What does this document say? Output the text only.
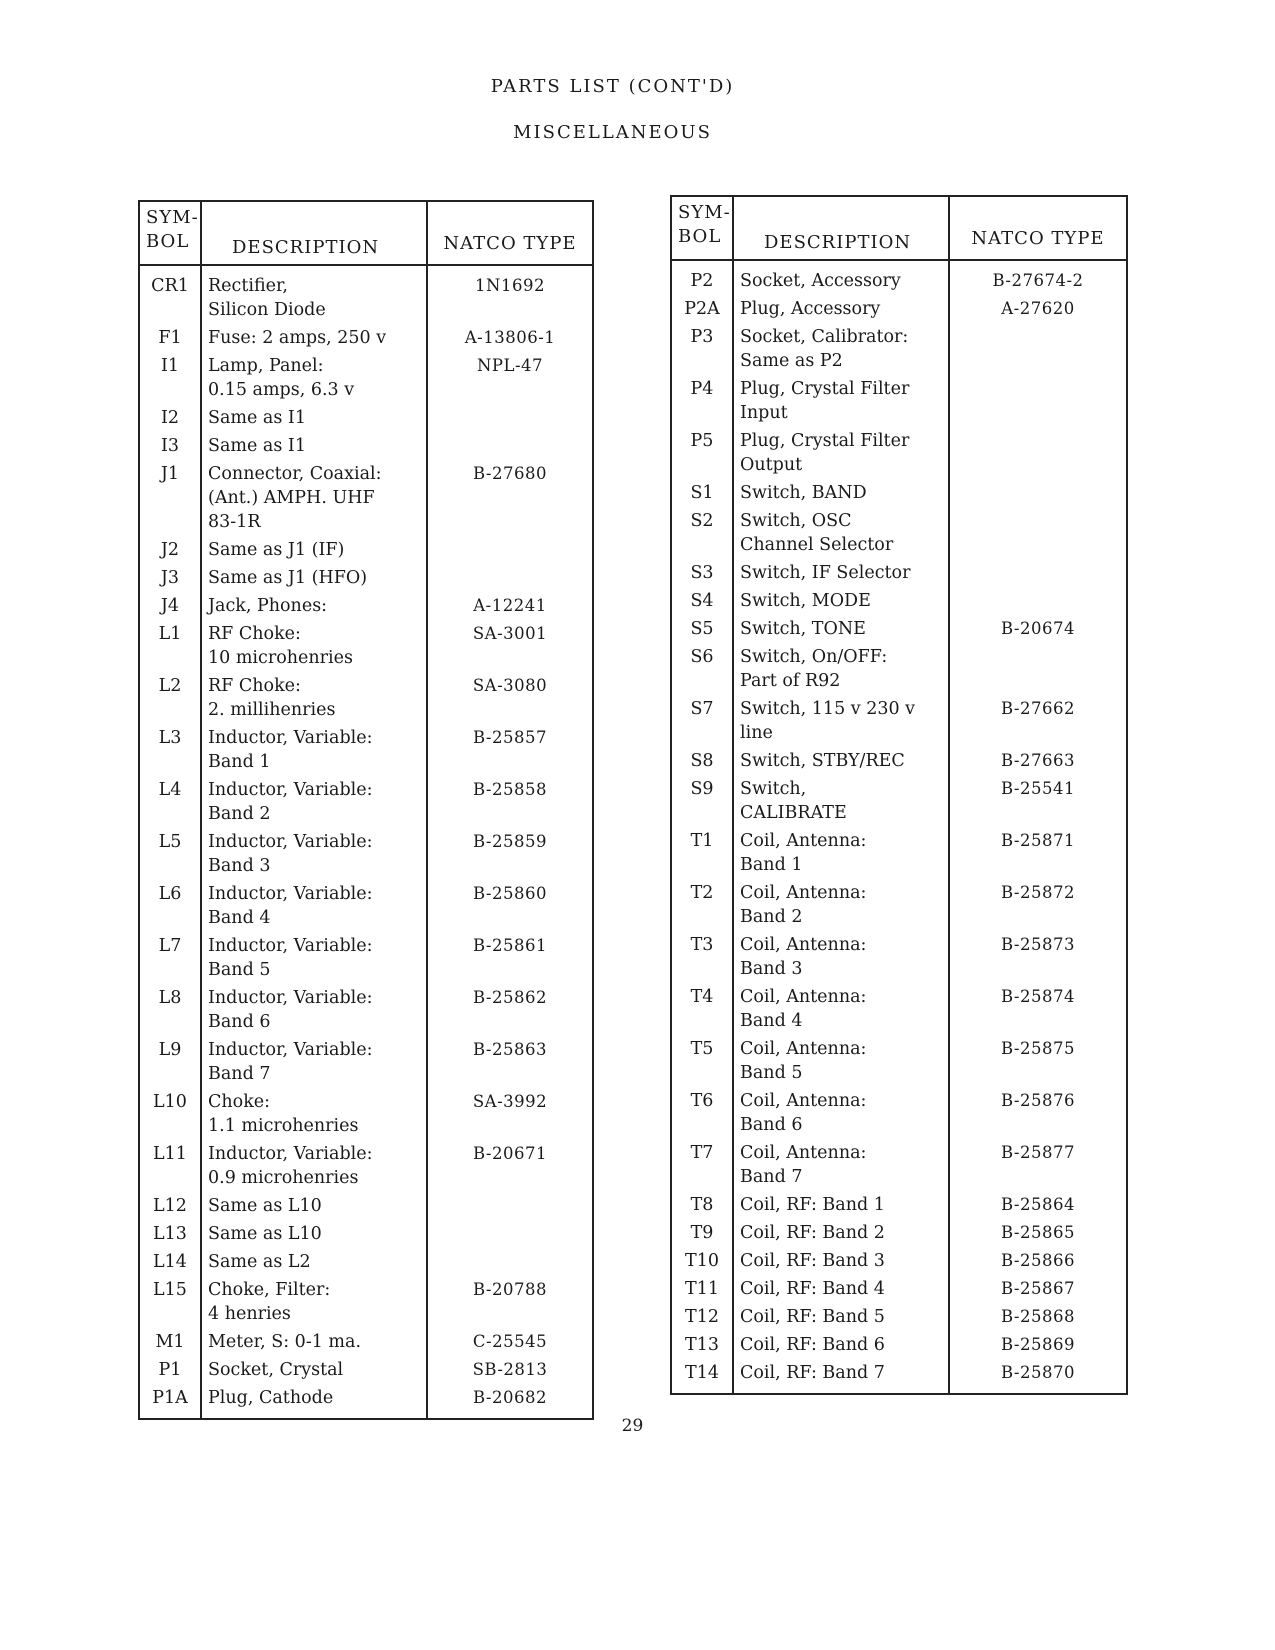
PARTS LIST (CONT'D)
MISCELLANEOUS
SYM-
BOL	DESCRIPTION	NATCO TYPE
CR1	Rectifier,
Silicon Diode	1N1692
F1	Fuse: 2 amps, 250 v	A-13806-1
I1	Lamp, Panel:
0.15 amps, 6.3 v	NPL-47
I2	Same as I1	
I3	Same as I1	
J1	Connector, Coaxial:
(Ant.) AMPH. UHF
83-1R	B-27680
J2	Same as J1 (IF)	
J3	Same as J1 (HFO)	
J4	Jack, Phones:	A-12241
L1	RF Choke:
10 microhenries	SA-3001
L2	RF Choke:
2. millihenries	SA-3080
L3	Inductor, Variable:
Band 1	B-25857
L4	Inductor, Variable:
Band 2	B-25858
L5	Inductor, Variable:
Band 3	B-25859
L6	Inductor, Variable:
Band 4	B-25860
L7	Inductor, Variable:
Band 5	B-25861
L8	Inductor, Variable:
Band 6	B-25862
L9	Inductor, Variable:
Band 7	B-25863
L10	Choke:
1.1 microhenries	SA-3992
L11	Inductor, Variable:
0.9 microhenries	B-20671
L12	Same as L10	
L13	Same as L10	
L14	Same as L2	
L15	Choke, Filter:
4 henries	B-20788
M1	Meter, S: 0-1 ma.	C-25545
P1	Socket, Crystal	SB-2813
P1A	Plug, Cathode	B-20682
SYM-
BOL	DESCRIPTION	NATCO TYPE
P2	Socket, Accessory	B-27674-2
P2A	Plug, Accessory	A-27620
P3	Socket, Calibrator:
Same as P2	
P4	Plug, Crystal Filter
Input	
P5	Plug, Crystal Filter
Output	
S1	Switch, BAND	
S2	Switch, OSC
Channel Selector	
S3	Switch, IF Selector	
S4	Switch, MODE	
S5	Switch, TONE	B-20674
S6	Switch, On/OFF:
Part of R92	
S7	Switch, 115 v 230 v
line	B-27662
S8	Switch, STBY/REC	B-27663
S9	Switch,
CALIBRATE	B-25541
T1	Coil, Antenna:
Band 1	B-25871
T2	Coil, Antenna:
Band 2	B-25872
T3	Coil, Antenna:
Band 3	B-25873
T4	Coil, Antenna:
Band 4	B-25874
T5	Coil, Antenna:
Band 5	B-25875
T6	Coil, Antenna:
Band 6	B-25876
T7	Coil, Antenna:
Band 7	B-25877
T8	Coil, RF: Band 1	B-25864
T9	Coil, RF: Band 2	B-25865
T10	Coil, RF: Band 3	B-25866
T11	Coil, RF: Band 4	B-25867
T12	Coil, RF: Band 5	B-25868
T13	Coil, RF: Band 6	B-25869
T14	Coil, RF: Band 7	B-25870
29
